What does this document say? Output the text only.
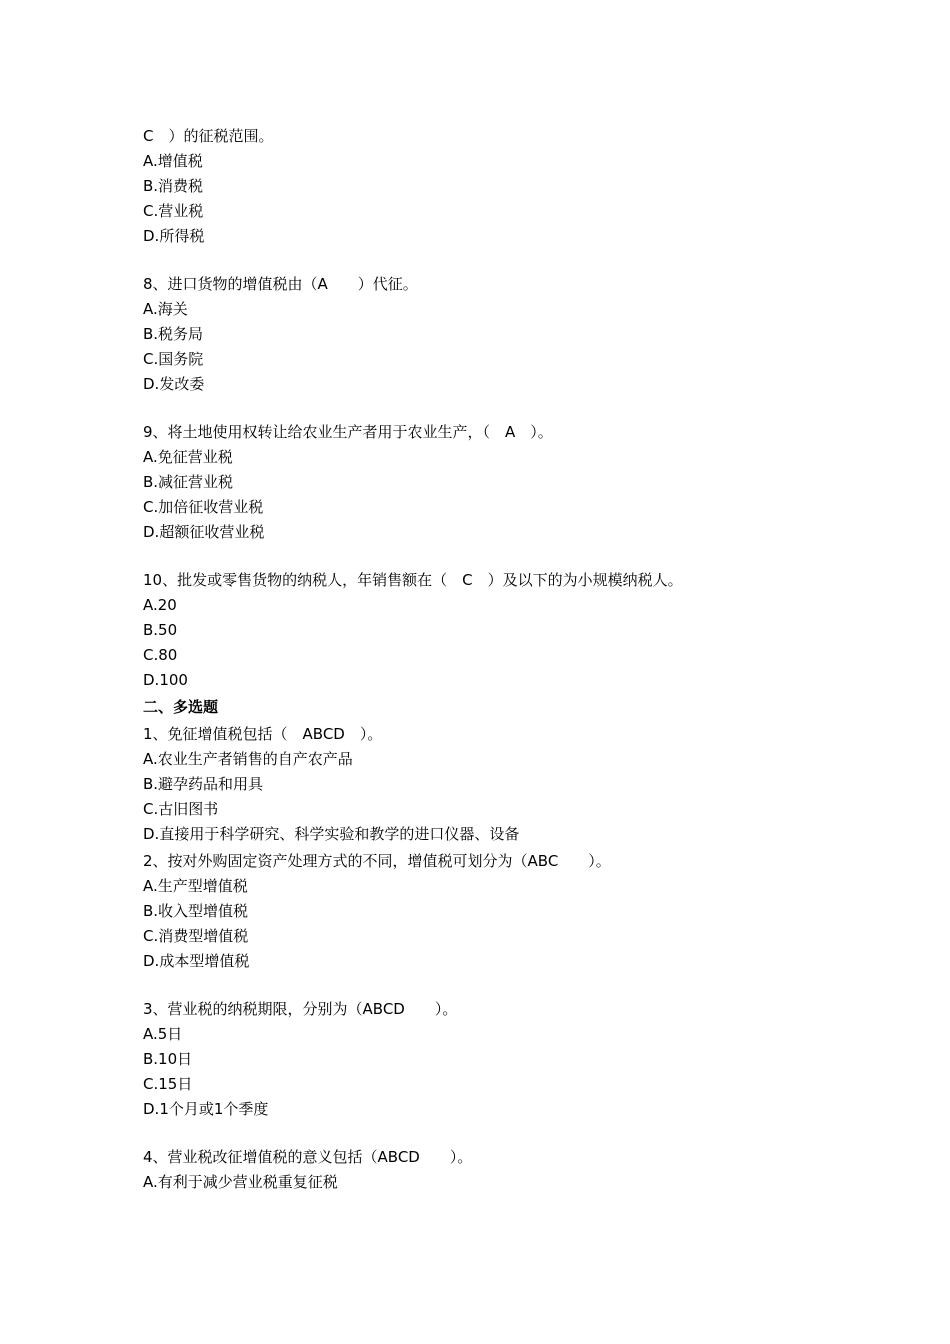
C　）的征税范围。
A.增值税
B.消费税
C.营业税
D.所得税
8、进口货物的增值税由（A　　）代征。
A.海关
B.税务局
C.国务院
D.发改委
9、将土地使用权转让给农业生产者用于农业生产，（　A　）。
A.免征营业税
B.减征营业税
C.加倍征收营业税
D.超额征收营业税
10、批发或零售货物的纳税人，年销售额在（　C　）及以下的为小规模纳税人。
A.20
B.50
C.80
D.100
二、多选题
1、免征增值税包括（　ABCD　）。
A.农业生产者销售的自产农产品
B.避孕药品和用具
C.古旧图书
D.直接用于科学研究、科学实验和教学的进口仪器、设备
2、按对外购固定资产处理方式的不同，增值税可划分为（ABC　　）。
A.生产型增值税
B.收入型增值税
C.消费型增值税
D.成本型增值税
3、营业税的纳税期限，分别为（ABCD　　）。
A.5日
B.10日
C.15日
D.1个月或1个季度
4、营业税改征增值税的意义包括（ABCD　　）。
A.有利于减少营业税重复征税
